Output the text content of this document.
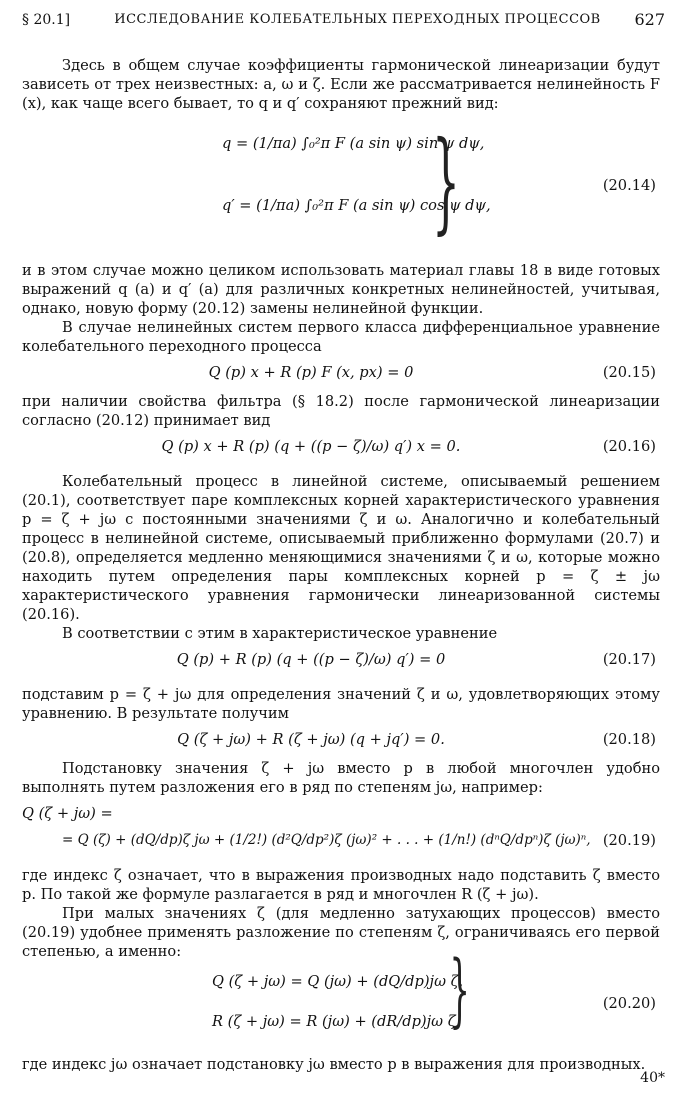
§ 20.1]	ИССЛЕДОВАНИЕ КОЛЕБАТЕЛЬНЫХ ПЕРЕХОДНЫХ ПРОЦЕССОВ 627

Здесь в общем случае коэффициенты гармонической линеаризации будут зависеть от трех неизвестных: a, ω и ζ. Если же рассматривается нелинейность F (x), как чаще всего бывает, то q и q′ сохраняют прежний вид:

q = (1/πa) ∫₀²π F (a sin ψ) sin ψ dψ,
q′ = (1/πa) ∫₀²π F (a sin ψ) cos ψ dψ,
}	(20.14)

и в этом случае можно целиком использовать материал главы 18 в виде готовых выражений q (a) и q′ (a) для различных конкретных нелинейностей, учитывая, однако, новую форму (20.12) замены нелинейной функции.

В случае нелинейных систем первого класса дифференциальное уравнение колебательного переходного процесса

Q (p) x + R (p) F (x, px) = 0	(20.15)

при наличии свойства фильтра (§ 18.2) после гармонической линеаризации согласно (20.12) принимает вид

Q (p) x + R (p) (q + ((p − ζ)/ω) q′) x = 0.	(20.16)

Колебательный процесс в линейной системе, описываемый решением (20.1), соответствует паре комплексных корней характеристического уравнения p = ζ + jω с постоянными значениями ζ и ω. Аналогично и колебательный процесс в нелинейной системе, описываемый приближенно формулами (20.7) и (20.8), определяется медленно меняющимися значениями ζ и ω, которые можно находить путем определения пары комплексных корней p = ζ ± jω характеристического уравнения гармонически линеаризованной системы (20.16).

В соответствии с этим в характеристическое уравнение

Q (p) + R (p) (q + ((p − ζ)/ω) q′) = 0	(20.17)

подставим p = ζ + jω для определения значений ζ и ω, удовлетворяющих этому уравнению. В результате получим

Q (ζ + jω) + R (ζ + jω) (q + jq′) = 0.	(20.18)

Подстановку значения ζ + jω вместо p в любой многочлен удобно выполнять путем разложения его в ряд по степеням jω, например:

Q (ζ + jω) =
= Q (ζ) + (dQ/dp)ζ jω + (1/2!) (d²Q/dp²)ζ (jω)² + . . . + (1/n!) (dⁿQ/dpⁿ)ζ (jω)ⁿ, (20.19)

где индекс ζ означает, что в выражения производных надо подставить ζ вместо p. По такой же формуле разлагается в ряд и многочлен R (ζ + jω).

При малых значениях ζ (для медленно затухающих процессов) вместо (20.19) удобнее применять разложение по степеням ζ, ограничиваясь его первой степенью, а именно:

Q (ζ + jω) = Q (jω) + (dQ/dp)jω ζ,
R (ζ + jω) = R (jω) + (dR/dp)jω ζ,
}	(20.20)

где индекс jω означает подстановку jω вместо p в выражения для производных.

40*
